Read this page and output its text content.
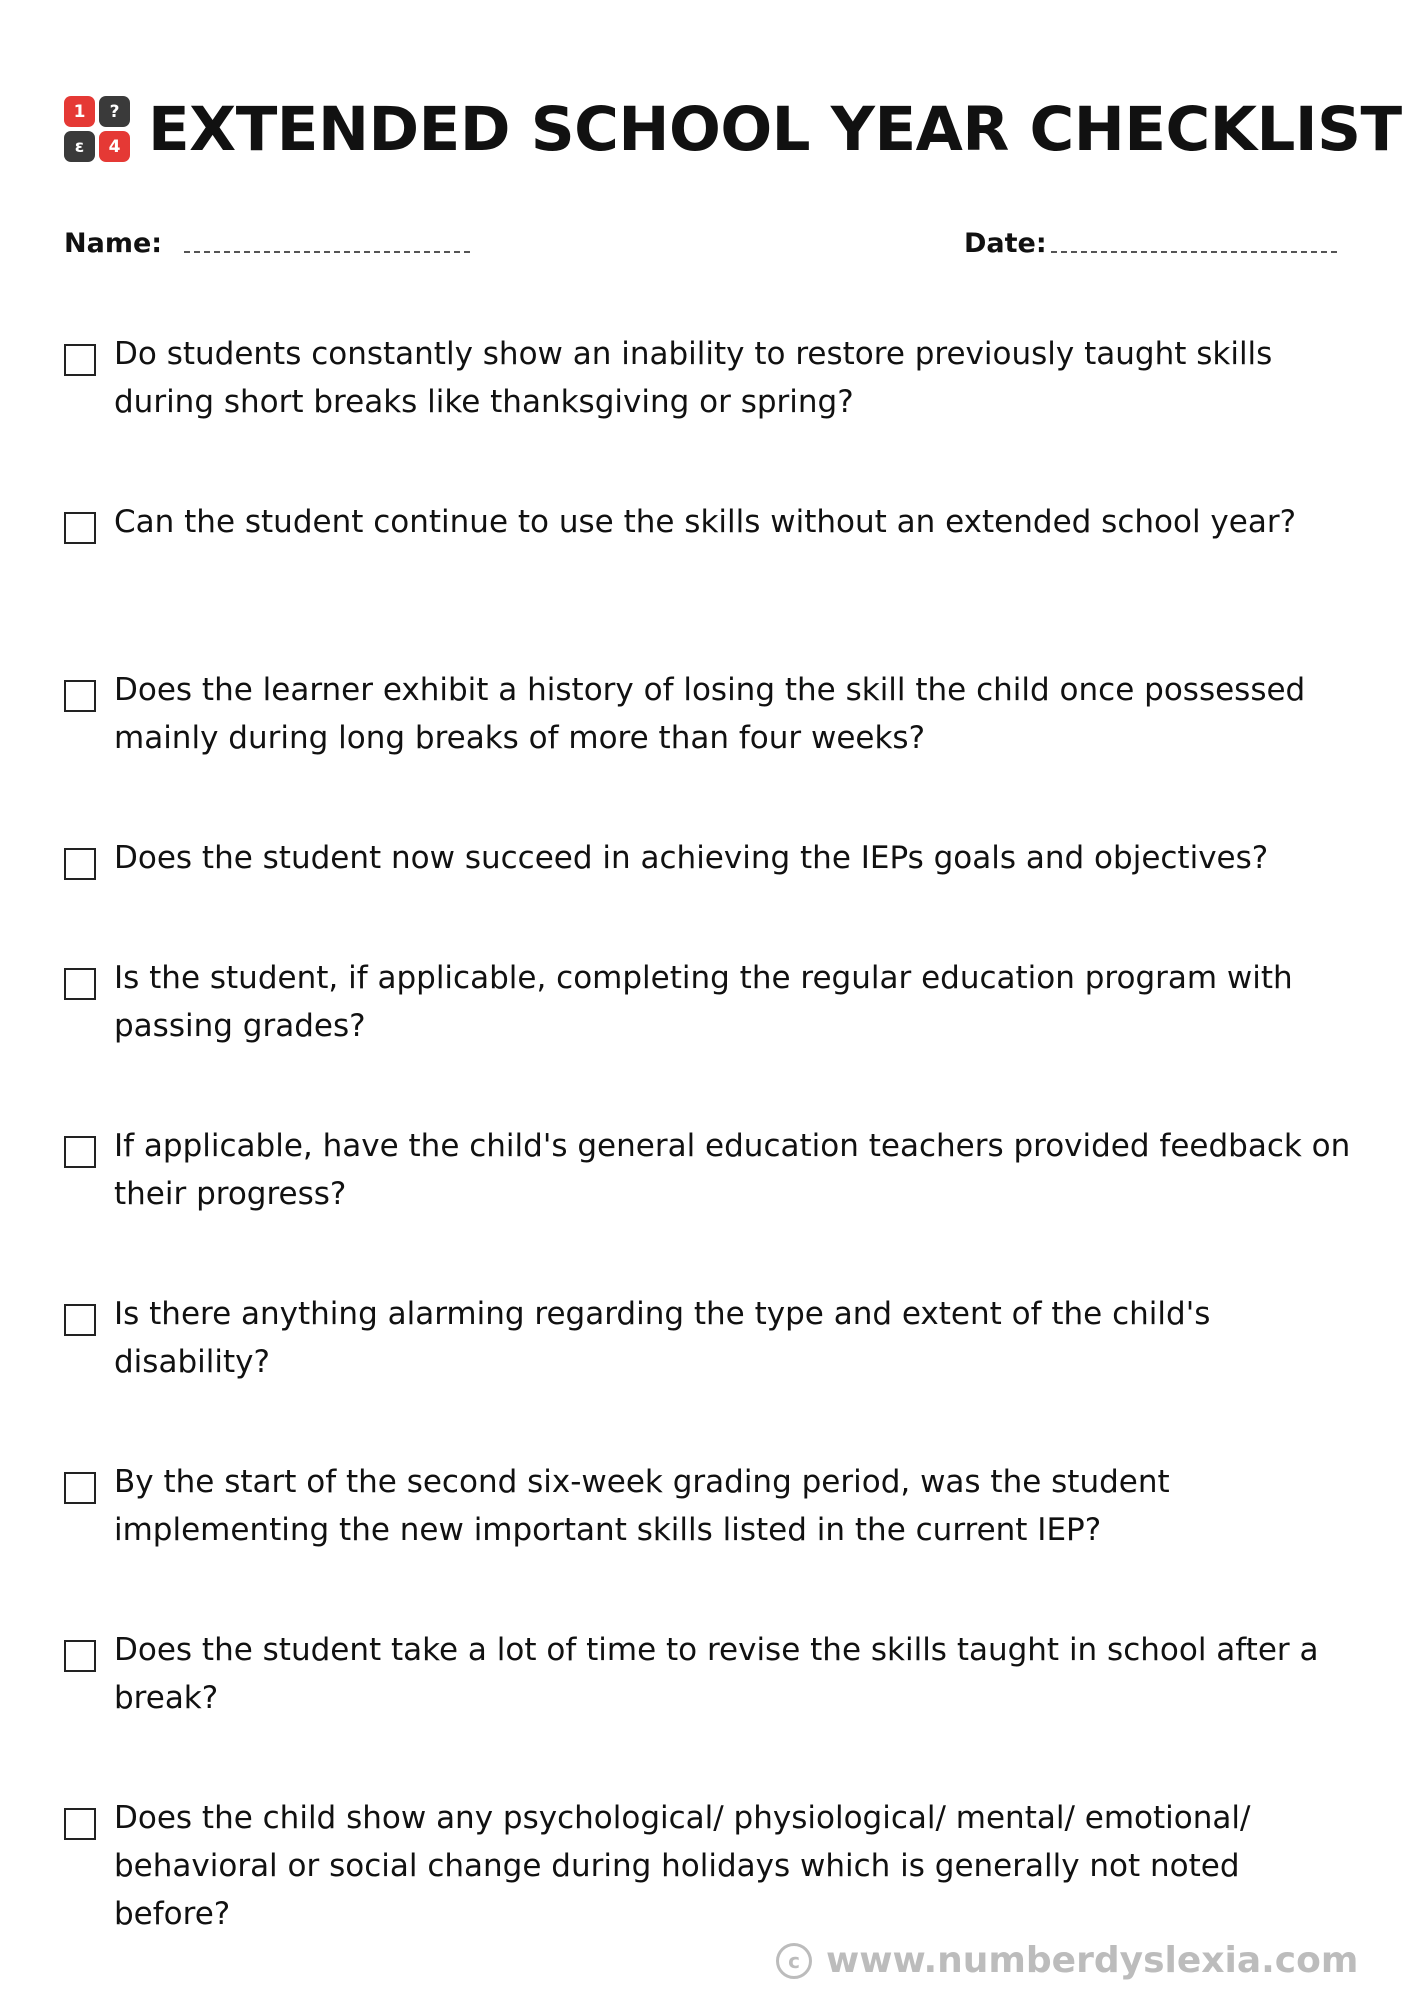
1	?
ε	4 EXTENDED SCHOOL YEAR CHECKLIST
Name:	Date:
Do students constantly show an inability to restore previously taught skills during short breaks like thanksgiving or spring?
Can the student continue to use the skills without an extended school year?
Does the learner exhibit a history of losing the skill the child once possessed mainly during long breaks of more than four weeks?
Does the student now succeed in achieving the IEPs goals and objectives?
Is the student, if applicable, completing the regular education program with passing grades?
If applicable, have the child's general education teachers provided feedback on their progress?
Is there anything alarming regarding the type and extent of the child's disability?
By the start of the second six-week grading period, was the student implementing the new important skills listed in the current IEP?
Does the student take a lot of time to revise the skills taught in school after a break?
Does the child show any psychological/ physiological/ mental/ emotional/ behavioral or social change during holidays which is generally not noted before?
c www.numberdyslexia.com
